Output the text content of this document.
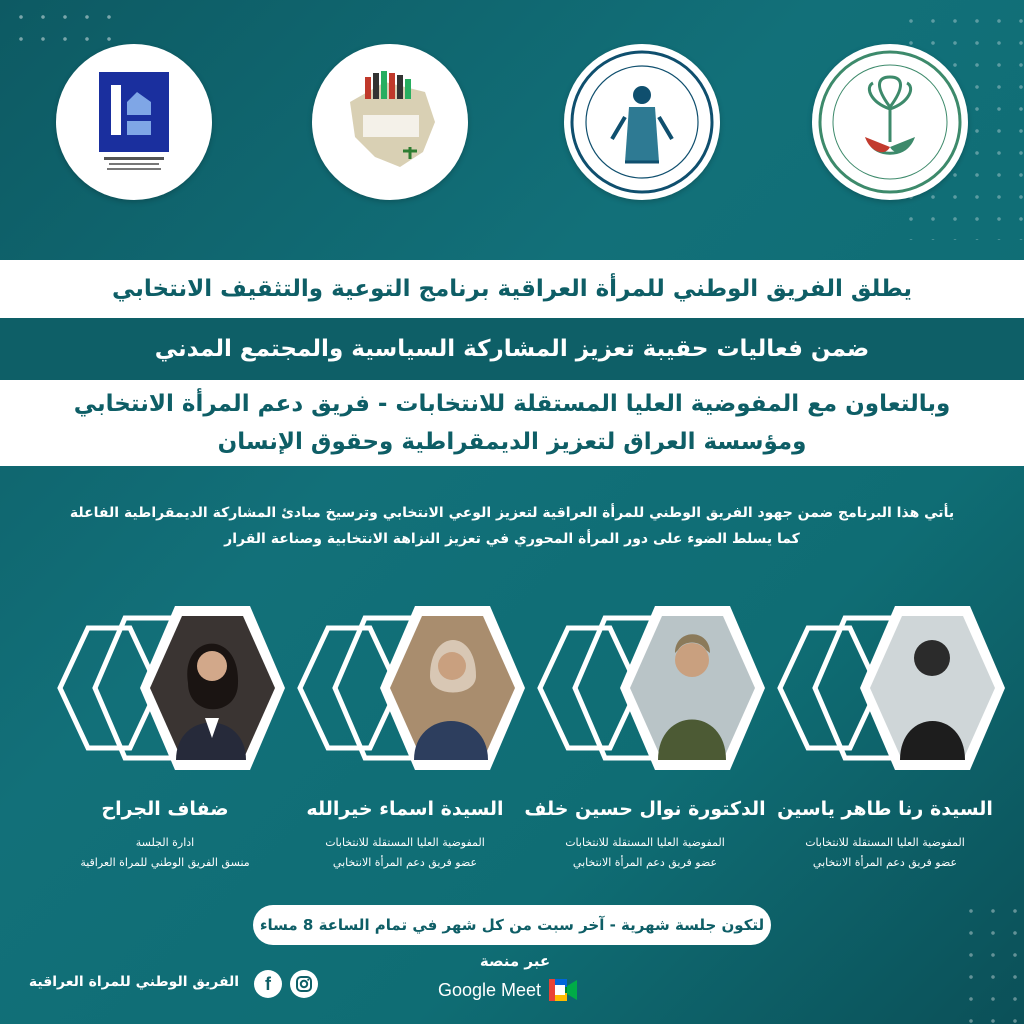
يطلق الفريق الوطني للمرأة العراقية برنامج التوعية والتثقيف الانتخابي
ضمن فعاليات حقيبة تعزيز المشاركة السياسية والمجتمع المدني
وبالتعاون مع المفوضية العليا المستقلة للانتخابات - فريق دعم المرأة الانتخابي
ومؤسسة العراق لتعزيز الديمقراطية وحقوق الإنسان
يأتي هذا البرنامج ضمن جهود الفريق الوطني للمرأة العراقية لتعزيز الوعي الانتخابي وترسيخ مبادئ المشاركة الديمقراطية الفاعلة
كما يسلط الضوء على دور المرأة المحوري في تعزيز النزاهة الانتخابية وصناعة القرار
السيدة رنا طاهر ياسين
المفوضية العليا المستقلة للانتخابات
عضو فريق دعم المرأة الانتخابي
الدكتورة نوال حسين خلف
المفوضية العليا المستقلة للانتخابات
عضو فريق دعم المرأة الانتخابي
السيدة اسماء خيرالله
المفوضية العليا المستقلة للانتخابات
عضو فريق دعم المرأة الانتخابي
ضفاف الجراح
ادارة الجلسة
منسق الفريق الوطني للمراة العراقية
لتكون جلسة شهرية - آخر سبت من كل شهر في تمام الساعة 8 مساء
عبر منصة
Google Meet
f
الفريق الوطني للمراة العراقية
